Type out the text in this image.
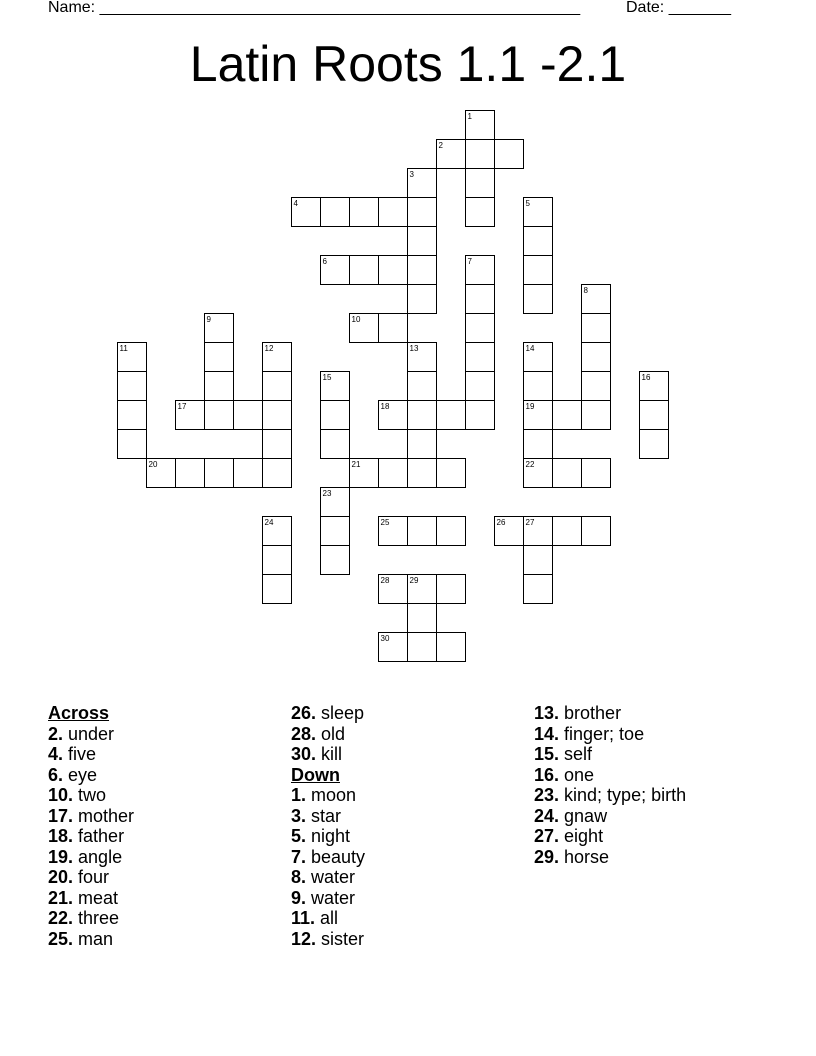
Name: ______________________________________________________	Date: _______
Latin Roots 1.1 -2.1
1
2
3
4	5
6	7
8
9	10
11	12	13	14
15	16
17	18	19
20	21	22
23
24	25	26	27
28	29
30
Across
2. under
4. five
6. eye
10. two
17. mother
18. father
19. angle
20. four
21. meat
22. three
25. man
26. sleep
28. old
30. kill
Down
1. moon
3. star
5. night
7. beauty
8. water
9. water
11. all
12. sister
13. brother
14. finger; toe
15. self
16. one
23. kind; type; birth
24. gnaw
27. eight
29. horse
